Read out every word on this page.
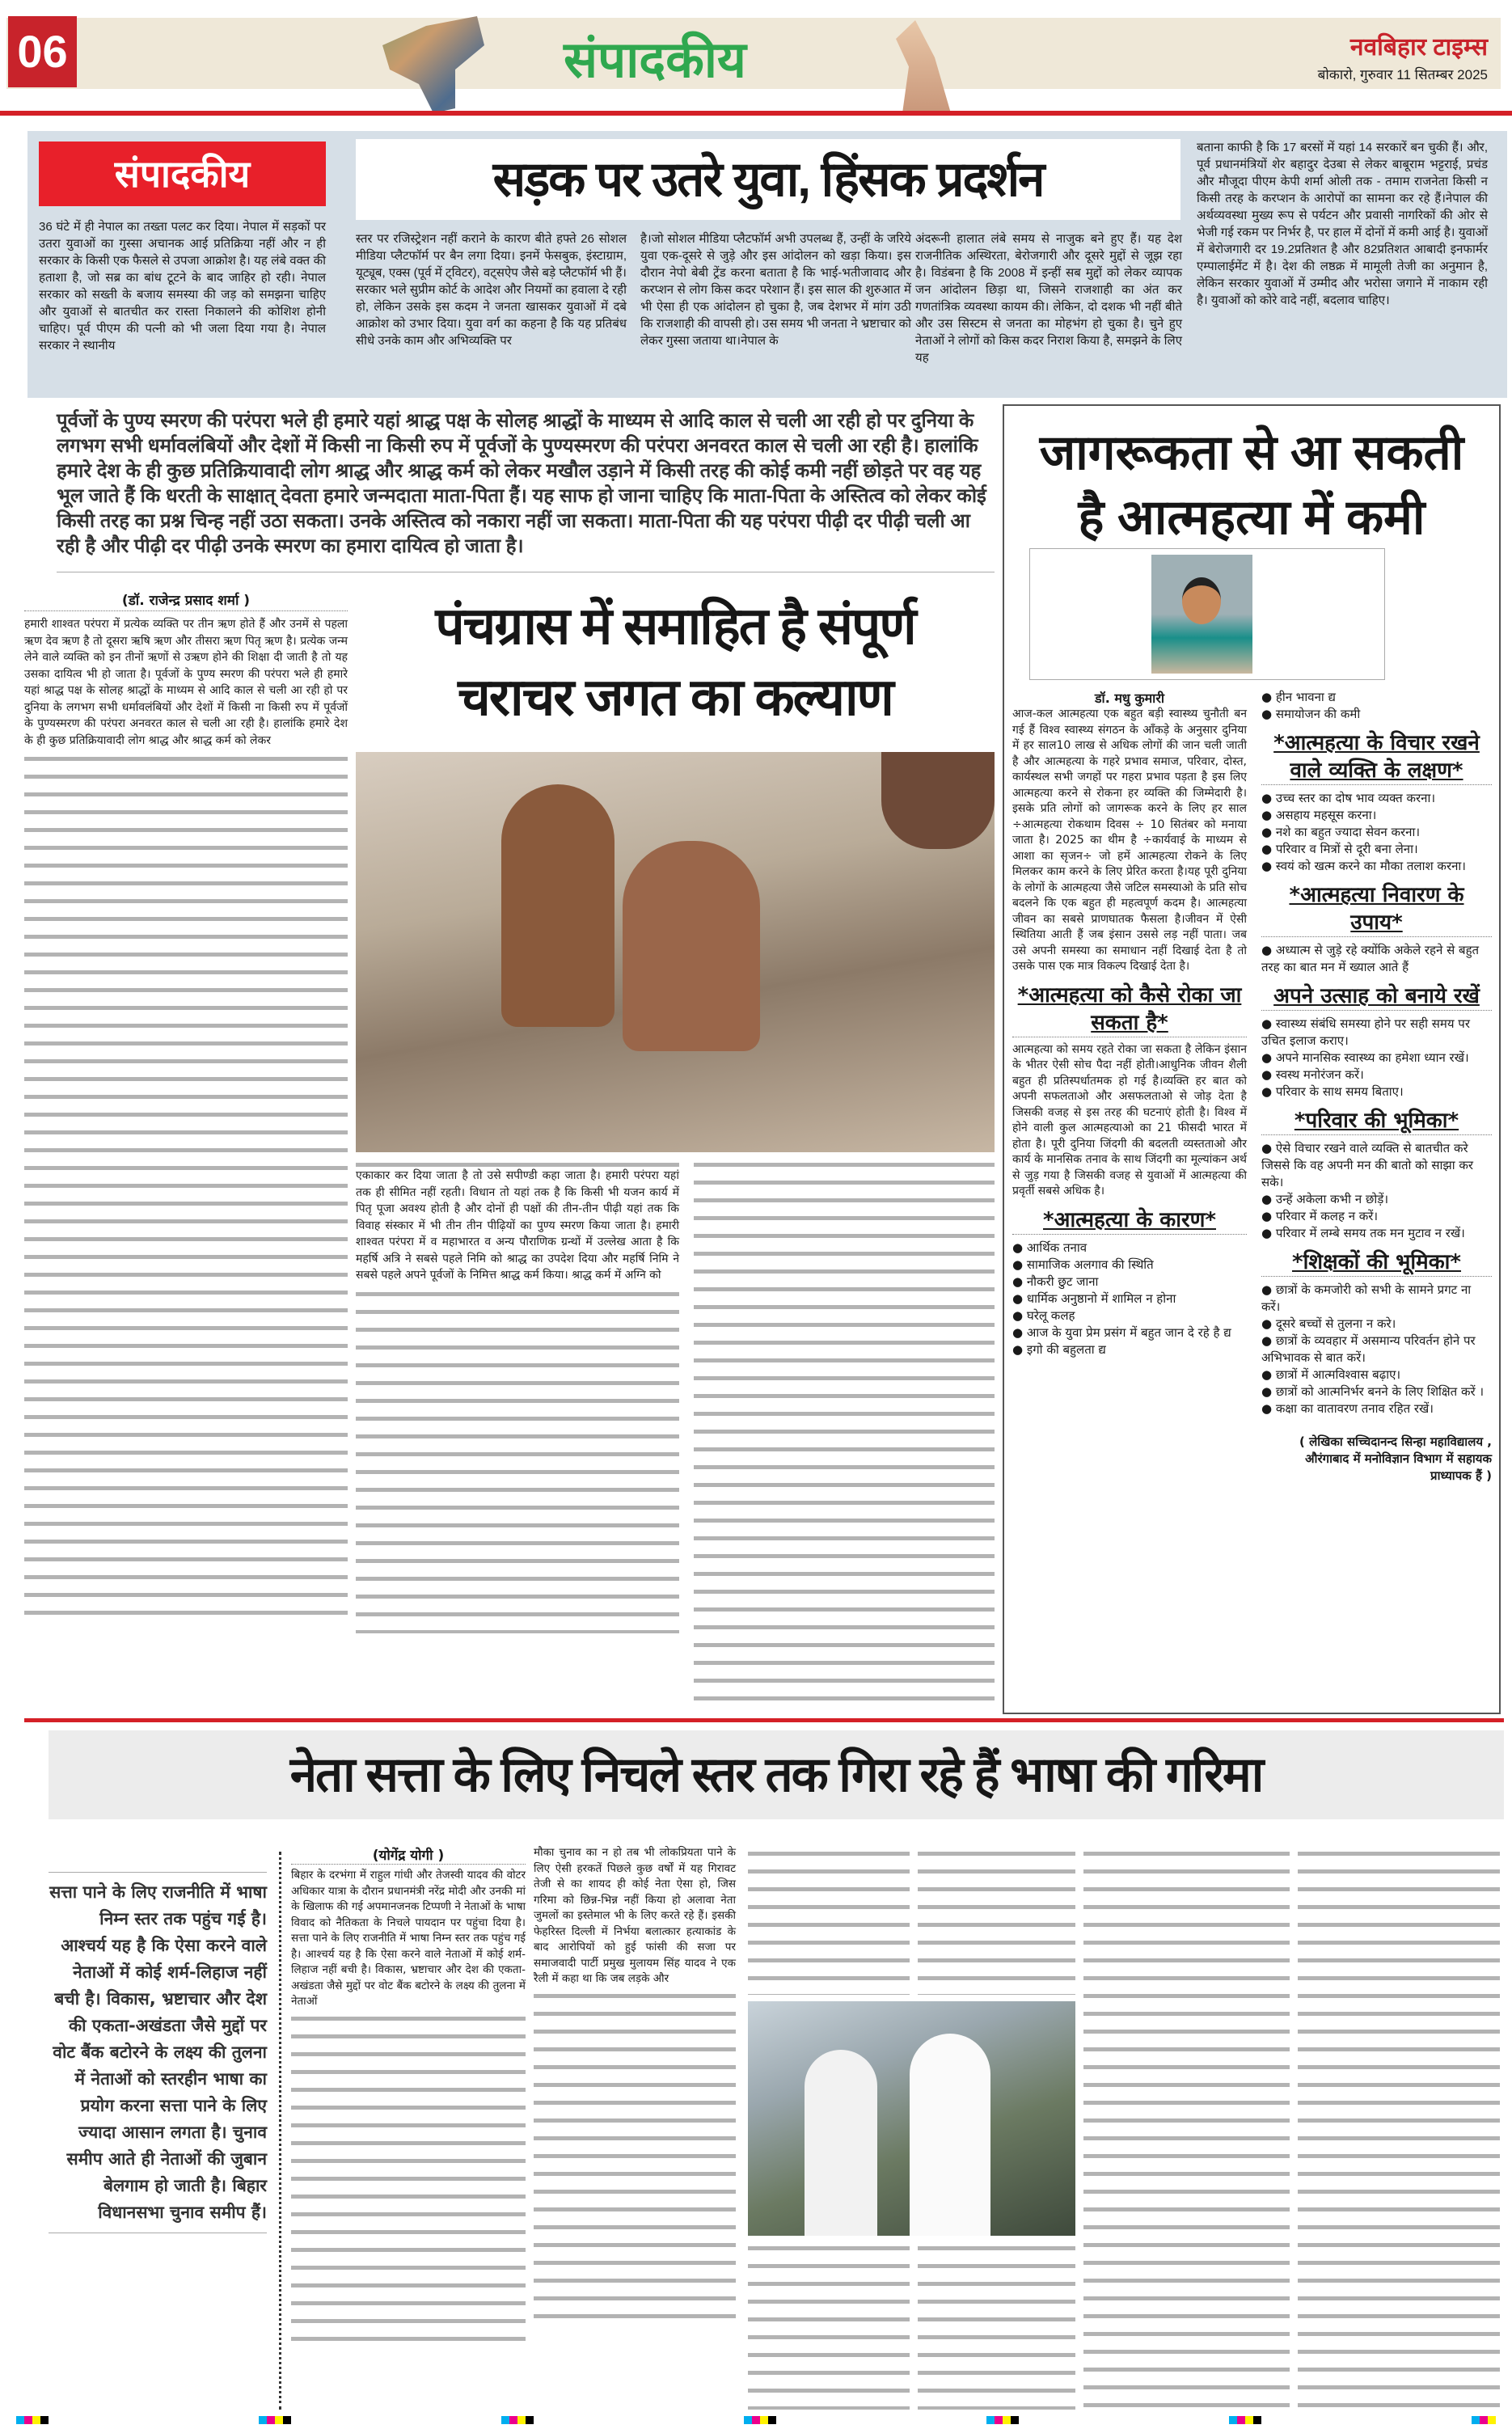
06	संपादकीय	नवबिहार टाइम्स
बोकारो, गुरुवार 11 सितम्बर 2025
संपादकीय	सड़क पर उतरे युवा, हिंसक प्रदर्शन
36 घंटे में ही नेपाल का तख्ता पलट कर दिया। नेपाल में सड़कों पर उतरा युवाओं का गुस्सा अचानक आई प्रतिक्रिया नहीं और न ही सरकार के किसी एक फैसले से उपजा आक्रोश है। यह लंबे वक्त की हताशा है, जो सब्र का बांध टूटने के बाद जाहिर हो रही। नेपाल सरकार को सख्ती के बजाय समस्या की जड़ को समझना चाहिए और युवाओं से बातचीत कर रास्ता निकालने की कोशिश होनी चाहिए। पूर्व पीएम की पत्नी को भी जला दिया गया है। नेपाल सरकार ने स्थानीय
स्तर पर रजिस्ट्रेशन नहीं कराने के कारण बीते हफ्ते 26 सोशल मीडिया प्लैटफॉर्म पर बैन लगा दिया। इनमें फेसबुक, इंस्टाग्राम, यूट्यूब, एक्स (पूर्व में ट्विटर), वट्सऐप जैसे बड़े प्लैटफॉर्म भी हैं। सरकार भले सुप्रीम कोर्ट के आदेश और नियमों का हवाला दे रही हो, लेकिन उसके इस कदम ने जनता खासकर युवाओं में दबे आक्रोश को उभार दिया। युवा वर्ग का कहना है कि यह प्रतिबंध सीधे उनके काम और अभिव्यक्ति पर
है।जो सोशल मीडिया प्लैटफॉर्म अभी उपलब्ध हैं, उन्हीं के जरिये युवा एक-दूसरे से जुड़े और इस आंदोलन को खड़ा किया। इस दौरान नेपो बेबी ट्रेंड करना बताता है कि भाई-भतीजावाद और करप्शन से लोग किस कदर परेशान हैं। इस साल की शुरुआत में भी ऐसा ही एक आंदोलन हो चुका है, जब देशभर में मांग उठी कि राजशाही की वापसी हो। उस समय भी जनता ने भ्रष्टाचार को लेकर गुस्सा जताया था।नेपाल के
अंदरूनी हालात लंबे समय से नाजुक बने हुए हैं। यह देश राजनीतिक अस्थिरता, बेरोजगारी और दूसरे मुद्दों से जूझ रहा है। विडंबना है कि 2008 में इन्हीं सब मुद्दों को लेकर व्यापक जन आंदोलन छिड़ा था, जिसने राजशाही का अंत कर गणतांत्रिक व्यवस्था कायम की। लेकिन, दो दशक भी नहीं बीते और उस सिस्टम से जनता का मोहभंग हो चुका है। चुने हुए नेताओं ने लोगों को किस कदर निराश किया है, समझने के लिए यह
बताना काफी है कि 17 बरसों में यहां 14 सरकारें बन चुकी हैं। और, पूर्व प्रधानमंत्रियों शेर बहादुर देउबा से लेकर बाबूराम भट्टराई, प्रचंड और मौजूदा पीएम केपी शर्मा ओली तक - तमाम राजनेता किसी न किसी तरह के करप्शन के आरोपों का सामना कर रहे हैं।नेपाल की अर्थव्यवस्था मुख्य रूप से पर्यटन और प्रवासी नागरिकों की ओर से भेजी गई रकम पर निर्भर है, पर हाल में दोनों में कमी आई है। युवाओं में बेरोजगारी दर 19.2प्रतिशत है और 82प्रतिशत आबादी इनफार्मर एम्पालाईमेंट में है। देश की लष्ठक्र में मामूली तेजी का अनुमान है, लेकिन सरकार युवाओं में उम्मीद और भरोसा जगाने में नाकाम रही है। युवाओं को कोरे वादे नहीं, बदलाव चाहिए।
पूर्वजों के पुण्य स्मरण की परंपरा भले ही हमारे यहां श्राद्ध पक्ष के सोलह श्राद्धों के माध्यम से आदि काल से चली आ रही हो पर दुनिया के लगभग सभी धर्मावलंबियों और देशों में किसी ना किसी रुप में पूर्वजों के पुण्यस्मरण की परंपरा अनवरत काल से चली आ रही है। हालांकि हमारे देश के ही कुछ प्रतिक्रियावादी लोग श्राद्ध और श्राद्ध कर्म को लेकर मखौल उड़ाने में किसी तरह की कोई कमी नहीं छोड़ते पर वह यह भूल जाते हैं कि धरती के साक्षात् देवता हमारे जन्मदाता माता-पिता हैं। यह साफ हो जाना चाहिए कि माता-पिता के अस्तित्व को लेकर कोई किसी तरह का प्रश्न चिन्ह नहीं उठा सकता। उनके अस्तित्व को नकारा नहीं जा सकता। माता-पिता की यह परंपरा पीढ़ी दर पीढ़ी चली आ रही है और पीढ़ी दर पीढ़ी उनके स्मरण का हमारा दायित्व हो जाता है।
(डॉ. राजेन्द्र प्रसाद शर्मा )
हमारी शाश्वत परंपरा में प्रत्येक व्यक्ति पर तीन ऋण होते हैं और उनमें से पहला ऋण देव ऋण है तो दूसरा ऋषि ऋण और तीसरा ऋण पितृ ऋण है। प्रत्येक जन्म लेने वाले व्यक्ति को इन तीनों ऋणों से उऋण होने की शिक्षा दी जाती है तो यह उसका दायित्व भी हो जाता है। पूर्वजों के पुण्य स्मरण की परंपरा भले ही हमारे यहां श्राद्ध पक्ष के सोलह श्राद्धों के माध्यम से आदि काल से चली आ रही हो पर दुनिया के लगभग सभी धर्मावलंबियों और देशों में किसी ना किसी रुप में पूर्वजों के पुण्यस्मरण की परंपरा अनवरत काल से चली आ रही है। हालांकि हमारे देश के ही कुछ प्रतिक्रियावादी लोग श्राद्ध और श्राद्ध कर्म को लेकर
पंचग्रास में समाहित है संपूर्ण
चराचर जगत का कल्याण
एकाकार कर दिया जाता है तो उसे सपीण्डी कहा जाता है। हमारी परंपरा यहां तक ही सीमित नहीं रहती। विधान तो यहां तक है कि किसी भी यजन कार्य में पितृ पूजा अवश्य होती है और दोनों ही पक्षों की तीन-तीन पीढ़ी यहां तक कि विवाह संस्कार में भी तीन तीन पीढ़ियों का पुण्य स्मरण किया जाता है। हमारी शाश्वत परंपरा में व महाभारत व अन्य पौराणिक ग्रन्थों में उल्लेख आता है कि महर्षि अत्रि ने सबसे पहले निमि को श्राद्ध का उपदेश दिया और महर्षि निमि ने सबसे पहले अपने पूर्वजों के निमित्त श्राद्ध कर्म किया। श्राद्ध कर्म में अग्नि को
जागरूकता से आ सकती
है आत्महत्या में कमी
डॉ. मधु कुमारी
आज-कल आत्महत्या एक बहुत बड़ी स्वास्थ्य चुनौती बन गई हैं विश्व स्वास्थ्य संगठन के आँकड़े के अनुसार दुनिया में हर साल10 लाख से अधिक लोगों की जान चली जाती है और आत्महत्या के गहरे प्रभाव समाज, परिवार, दोस्त, कार्यस्थल सभी जगहों पर गहरा प्रभाव पड़ता है इस लिए आत्महत्या करने से रोकना हर व्यक्ति की जिम्मेदारी है।इसके प्रति लोगों को जागरूक करने के लिए हर साल ÷आत्महत्या रोकथाम दिवस ÷ 10 सितंबर को मनाया जाता है। 2025 का थीम है ÷कार्यवाई के माध्यम से आशा का सृजन÷ जो हमें आत्महत्या रोकने के लिए मिलकर काम करने के लिए प्रेरित करता है।यह पूरी दुनिया के लोगों के आत्महत्या जैसे जटिल समस्याओ के प्रति सोच बदलने कि एक बहुत ही महत्वपूर्ण कदम है। आत्महत्या जीवन का सबसे प्राणघातक फैसला है।जीवन में ऐसी स्थितिया आती हैं जब इंसान उससे लड़ नहीं पाता। जब उसे अपनी समस्या का समाधान नहीं दिखाई देता है तो उसके पास एक मात्र विकल्प दिखाई देता है।
*आत्महत्या को कैसे रोका जा सकता है*
आत्महत्या को समय रहते रोका जा सकता है लेकिन इंसान के भीतर ऐसी सोच पैदा नहीं होती।आधुनिक जीवन शैली बहुत ही प्रतिस्पर्धातमक हो गई है।व्यक्ति हर बात को अपनी सफलताओ और असफलताओ से जोड़ देता है जिसकी वजह से इस तरह की घटनाएं होती है। विश्व में होने वाली कुल आत्महत्याओ का 21 फीसदी भारत में होता है। पूरी दुनिया जिंदगी की बदलती व्यस्तताओ और कार्य के मानसिक तनाव के साथ जिंदगी का मूल्यांकन अर्थ से जुड़ गया है जिसकी वजह से युवाओं में आत्महत्या की प्रवृर्ती सबसे अधिक है।
*आत्महत्या के कारण*
● आर्थिक तनाव
● सामाजिक अलगाव की स्थिति
● नौकरी छुट जाना
● धार्मिक अनुष्ठानो में शामिल न होना
● घरेलू कलह
● आज के युवा प्रेम प्रसंग में बहुत जान दे रहे है द्य
● इगो की बहुलता द्य
● हीन भावना द्य
● समायोजन की कमी
*आत्महत्या के विचार रखने वाले व्यक्ति के लक्षण*
● उच्च स्तर का दोष भाव व्यक्त करना।
● असहाय महसूस करना।
● नशे का बहुत ज्यादा सेवन करना।
● परिवार व मित्रों से दूरी बना लेना।
● स्वयं को खत्म करने का मौका तलाश करना।
*आत्महत्या निवारण के उपाय*
● अध्यात्म से जुड़े रहे क्योंकि अकेले रहने से बहुत तरह का बात मन में ख्याल आते हैं
अपने उत्साह को बनाये रखें
● स्वास्थ्य संबंधि समस्या होने पर सही समय पर उचित इलाज कराए।
● अपने मानसिक स्वास्थ्य का हमेशा ध्यान रखें।
● स्वस्थ मनोरंजन करें।
● परिवार के साथ समय बिताए।
*परिवार की भूमिका*
● ऐसे विचार रखने वाले व्यक्ति से बातचीत करे जिससे कि वह अपनी मन की बातो को साझा कर सके।
● उन्हें अकेला कभी न छोड़ें।
● परिवार में कलह न करें।
● परिवार में लम्बे समय तक मन मुटाव न रखें।
*शिक्षकों की भूमिका*
● छात्रों के कमजोरी को सभी के सामने प्रगट ना करें।
● दूसरे बच्चों से तुलना न करे।
● छात्रों के व्यवहार में असमान्य परिवर्तन होने पर अभिभावक से बात करें।
● छात्रों में आत्मविश्वास बढ़ाए।
● छात्रों को आत्मनिर्भर बनने के लिए शिक्षित करें ।
● कक्षा का वातावरण तनाव रहित रखें।
( लेखिका सच्चिदानन्द सिन्हा महाविद्यालय , औरंगाबाद में मनोविज्ञान विभाग में सहायक प्राध्यापक हैं )
नेता सत्ता के लिए निचले स्तर तक गिरा रहे हैं भाषा की गरिमा
सत्ता पाने के लिए राजनीति में भाषा निम्न स्तर तक पहुंच गई है। आश्चर्य यह है कि ऐसा करने वाले नेताओं में कोई शर्म-लिहाज नहीं बची है। विकास, भ्रष्टाचार और देश की एकता-अखंडता जैसे मुद्दों पर वोट बैंक बटोरने के लक्ष्य की तुलना में नेताओं को स्तरहीन भाषा का प्रयोग करना सत्ता पाने के लिए ज्यादा आसान लगता है। चुनाव समीप आते ही नेताओं की जुबान बेलगाम हो जाती है। बिहार विधानसभा चुनाव समीप हैं।
(योगेंद्र योगी )
बिहार के दरभंगा में राहुल गांधी और तेजस्वी यादव की वोटर अधिकार यात्रा के दौरान प्रधानमंत्री नरेंद्र मोदी और उनकी मां के खिलाफ की गई अपमानजनक टिप्पणी ने नेताओं के भाषा विवाद को नैतिकता के निचले पायदान पर पहुंचा दिया है। सत्ता पाने के लिए राजनीति में भाषा निम्न स्तर तक पहुंच गई है। आश्चर्य यह है कि ऐसा करने वाले नेताओं में कोई शर्म-लिहाज नहीं बची है। विकास, भ्रष्टाचार और देश की एकता-अखंडता जैसे मुद्दों पर वोट बैंक बटोरने के लक्ष्य की तुलना में नेताओं
मौका चुनाव का न हो तब भी लोकप्रियता पाने के लिए ऐसी हरकतें पिछले कुछ वर्षों में यह गिरावट तेजी से का शायद ही कोई नेता ऐसा हो, जिस गरिमा को छिन्न-भिन्न नहीं किया हो अलावा नेता जुमलों का इस्तेमाल भी के लिए करते रहे हैं। इसकी फेहरिस्त दिल्ली में निर्भया बलात्कार हत्याकांड के बाद आरोपियों को हुई फांसी की सजा पर समाजवादी पार्टी प्रमुख मुलायम सिंह यादव ने एक रैली में कहा था कि जब लड़के और
